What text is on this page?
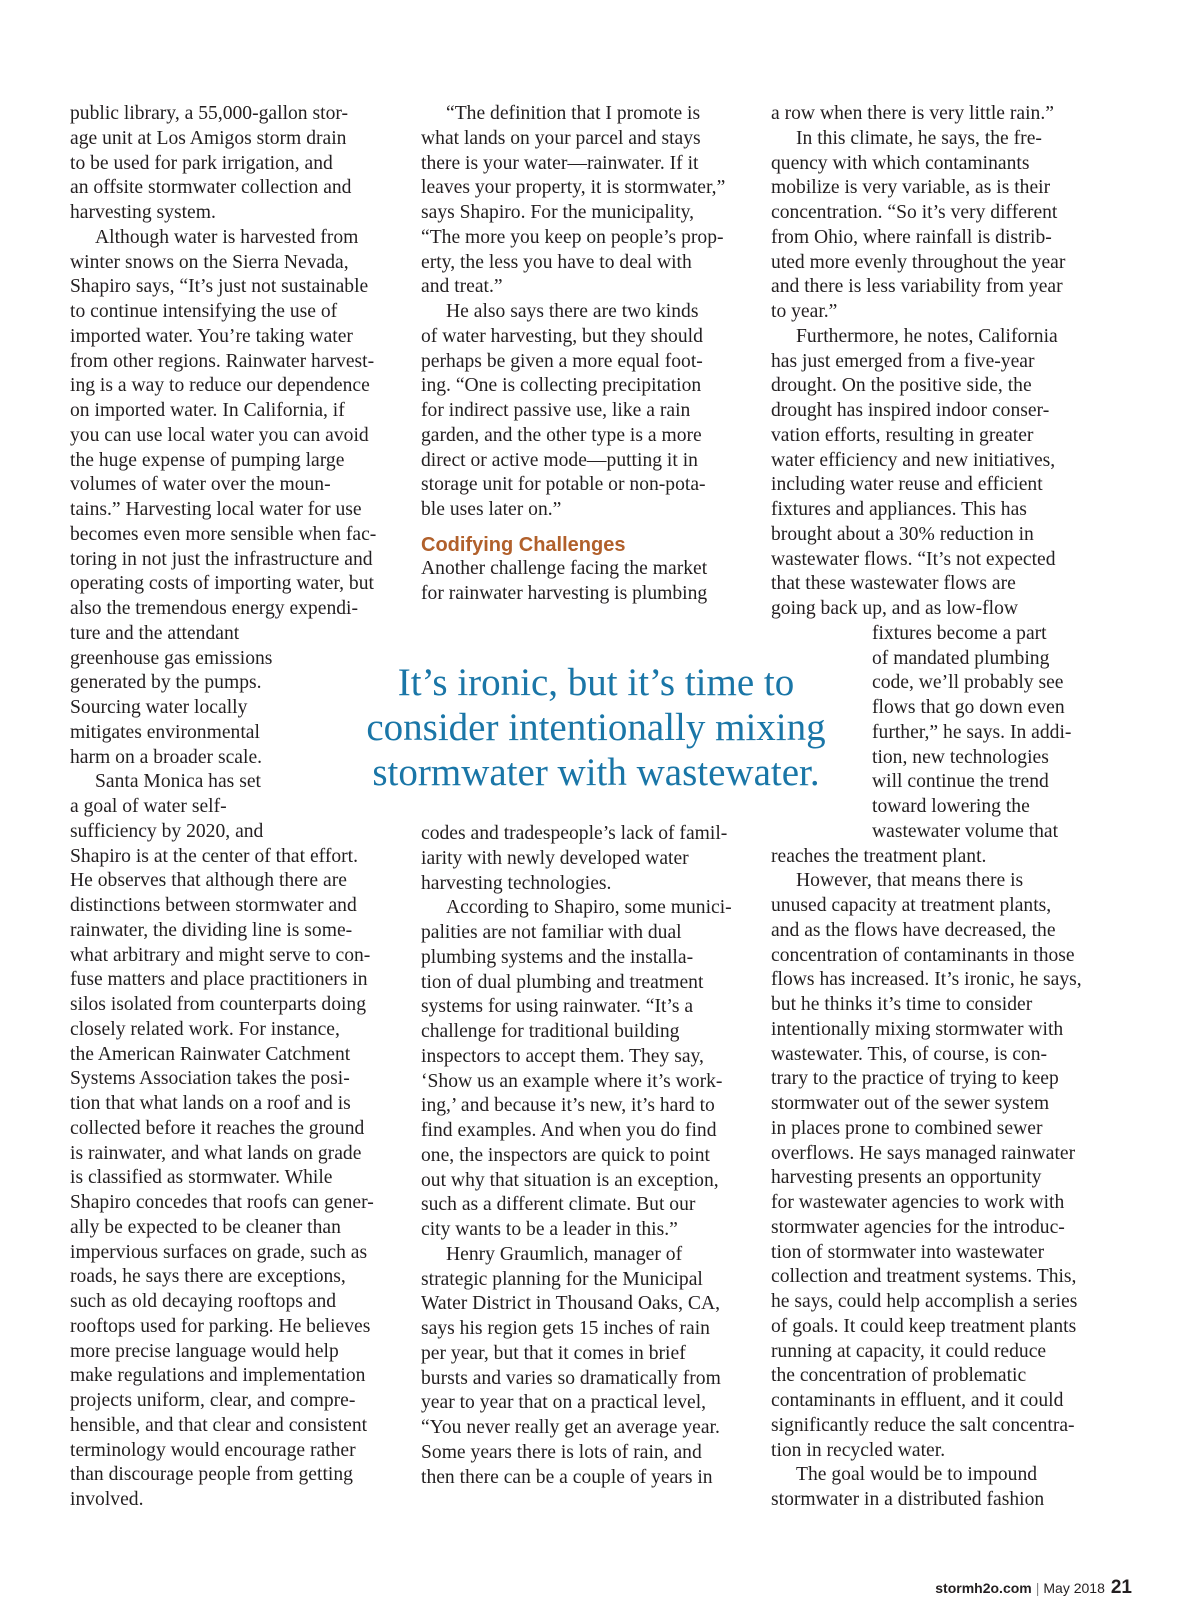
public library, a 55,000-gallon stor-
age unit at Los Amigos storm drain
to be used for park irrigation, and
an offsite stormwater collection and
harvesting system.
Although water is harvested from
winter snows on the Sierra Nevada,
Shapiro says, “It’s just not sustainable
to continue intensifying the use of
imported water. You’re taking water
from other regions. Rainwater harvest-
ing is a way to reduce our dependence
on imported water. In California, if
you can use local water you can avoid
the huge expense of pumping large
volumes of water over the moun-
tains.” Harvesting local water for use
becomes even more sensible when fac-
toring in not just the infrastructure and
operating costs of importing water, but
also the tremendous energy expendi-
ture and the attendant
greenhouse gas emissions
generated by the pumps.
Sourcing water locally
mitigates environmental
harm on a broader scale.
Santa Monica has set
a goal of water self-
sufficiency by 2020, and
Shapiro is at the center of that effort.
He observes that although there are
distinctions between stormwater and
rainwater, the dividing line is some-
what arbitrary and might serve to con-
fuse matters and place practitioners in
silos isolated from counterparts doing
closely related work. For instance,
the American Rainwater Catchment
Systems Association takes the posi-
tion that what lands on a roof and is
collected before it reaches the ground
is rainwater, and what lands on grade
is classified as stormwater. While
Shapiro concedes that roofs can gener-
ally be expected to be cleaner than
impervious surfaces on grade, such as
roads, he says there are exceptions,
such as old decaying rooftops and
rooftops used for parking. He believes
more precise language would help
make regulations and implementation
projects uniform, clear, and compre-
hensible, and that clear and consistent
terminology would encourage rather
than discourage people from getting
involved.
“The definition that I promote is
what lands on your parcel and stays
there is your water—rainwater. If it
leaves your property, it is stormwater,”
says Shapiro. For the municipality,
“The more you keep on people’s prop-
erty, the less you have to deal with
and treat.”
He also says there are two kinds
of water harvesting, but they should
perhaps be given a more equal foot-
ing. “One is collecting precipitation
for indirect passive use, like a rain
garden, and the other type is a more
direct or active mode—putting it in
storage unit for potable or non-pota-
ble uses later on.”
Codifying Challenges
Another challenge facing the market
for rainwater harvesting is plumbing
codes and tradespeople’s lack of famil-
iarity with newly developed water
harvesting technologies.
According to Shapiro, some munici-
palities are not familiar with dual
plumbing systems and the installa-
tion of dual plumbing and treatment
systems for using rainwater. “It’s a
challenge for traditional building
inspectors to accept them. They say,
‘Show us an example where it’s work-
ing,’ and because it’s new, it’s hard to
find examples. And when you do find
one, the inspectors are quick to point
out why that situation is an exception,
such as a different climate. But our
city wants to be a leader in this.”
Henry Graumlich, manager of
strategic planning for the Municipal
Water District in Thousand Oaks, CA,
says his region gets 15 inches of rain
per year, but that it comes in brief
bursts and varies so dramatically from
year to year that on a practical level,
“You never really get an average year.
Some years there is lots of rain, and
then there can be a couple of years in
a row when there is very little rain.”
In this climate, he says, the fre-
quency with which contaminants
mobilize is very variable, as is their
concentration. “So it’s very different
from Ohio, where rainfall is distrib-
uted more evenly throughout the year
and there is less variability from year
to year.”
Furthermore, he notes, California
has just emerged from a five-year
drought. On the positive side, the
drought has inspired indoor conser-
vation efforts, resulting in greater
water efficiency and new initiatives,
including water reuse and efficient
fixtures and appliances. This has
brought about a 30% reduction in
wastewater flows. “It’s not expected
that these wastewater flows are
going back up, and as low-flow
fixtures become a part
of mandated plumbing
code, we’ll probably see
flows that go down even
further,” he says. In addi-
tion, new technologies
will continue the trend
toward lowering the
wastewater volume that
reaches the treatment plant.
However, that means there is
unused capacity at treatment plants,
and as the flows have decreased, the
concentration of contaminants in those
flows has increased. It’s ironic, he says,
but he thinks it’s time to consider
intentionally mixing stormwater with
wastewater. This, of course, is con-
trary to the practice of trying to keep
stormwater out of the sewer system
in places prone to combined sewer
overflows. He says managed rainwater
harvesting presents an opportunity
for wastewater agencies to work with
stormwater agencies for the introduc-
tion of stormwater into wastewater
collection and treatment systems. This,
he says, could help accomplish a series
of goals. It could keep treatment plants
running at capacity, it could reduce
the concentration of problematic
contaminants in effluent, and it could
significantly reduce the salt concentra-
tion in recycled water.
The goal would be to impound
stormwater in a distributed fashion
It’s ironic, but it’s time to
consider intentionally mixing
stormwater with wastewater.
stormh2o.com | May 2018 21
